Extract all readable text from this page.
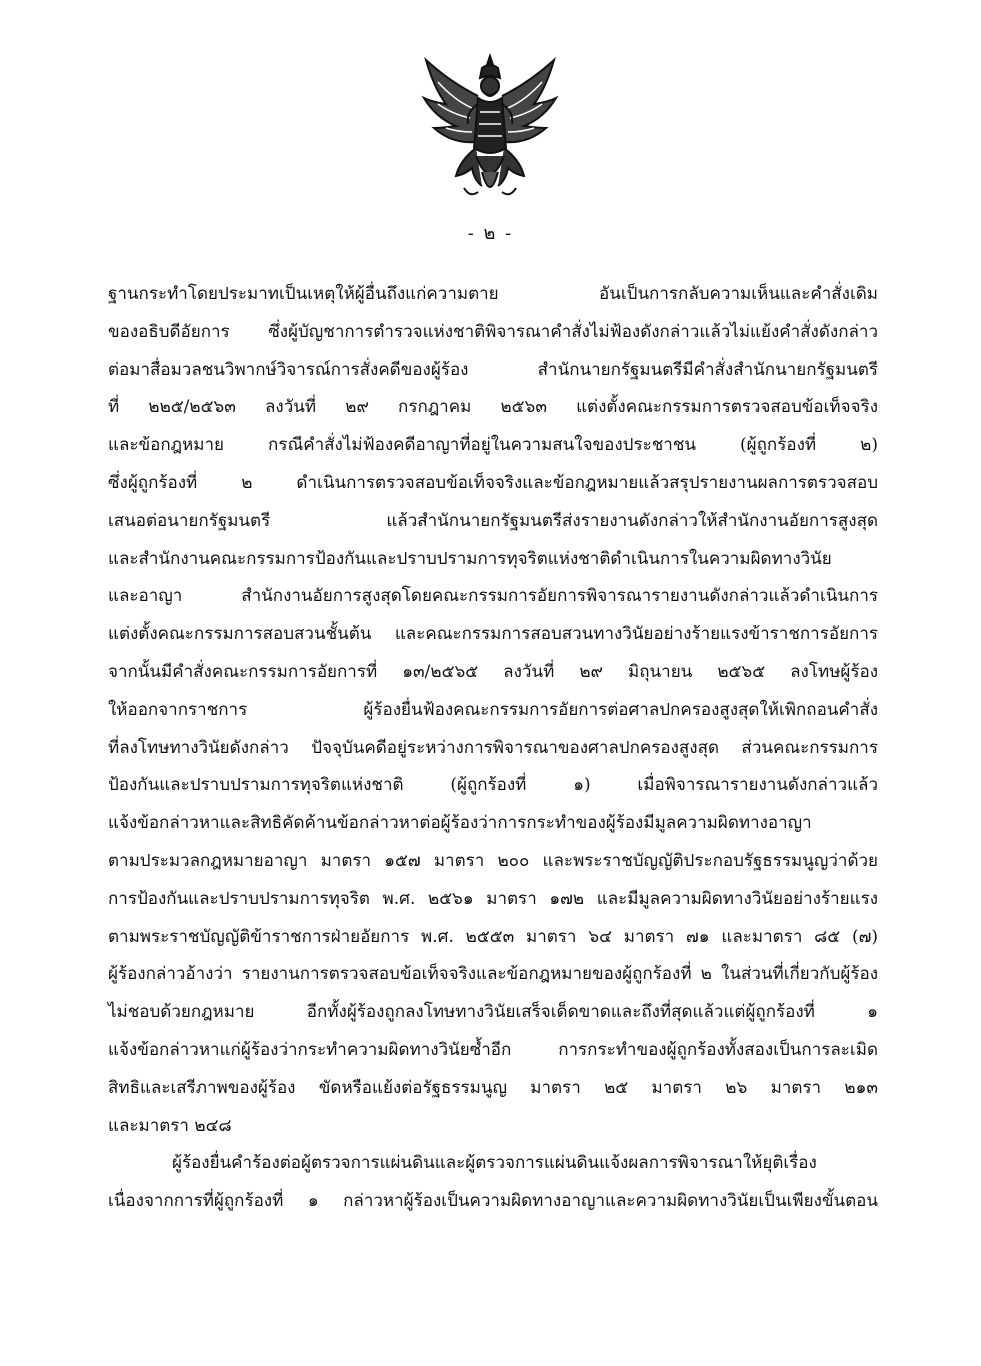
- ๒ -
ฐานกระทำโดยประมาทเป็นเหตุให้ผู้อื่นถึงแก่ความตาย อันเป็นการกลับความเห็นและคำสั่งเดิม
ของอธิบดีอัยการ ซึ่งผู้บัญชาการตำรวจแห่งชาติพิจารณาคำสั่งไม่ฟ้องดังกล่าวแล้วไม่แย้งคำสั่งดังกล่าว
ต่อมาสื่อมวลชนวิพากษ์วิจารณ์การสั่งคดีของผู้ร้อง สำนักนายกรัฐมนตรีมีคำสั่งสำนักนายกรัฐมนตรี
ที่ ๒๒๕/๒๕๖๓ ลงวันที่ ๒๙ กรกฎาคม ๒๕๖๓ แต่งตั้งคณะกรรมการตรวจสอบข้อเท็จจริง
และข้อกฎหมาย กรณีคำสั่งไม่ฟ้องคดีอาญาที่อยู่ในความสนใจของประชาชน (ผู้ถูกร้องที่ ๒)
ซึ่งผู้ถูกร้องที่ ๒ ดำเนินการตรวจสอบข้อเท็จจริงและข้อกฎหมายแล้วสรุปรายงานผลการตรวจสอบ
เสนอต่อนายกรัฐมนตรี แล้วสำนักนายกรัฐมนตรีส่งรายงานดังกล่าวให้สำนักงานอัยการสูงสุด
และสำนักงานคณะกรรมการป้องกันและปราบปรามการทุจริตแห่งชาติดำเนินการในความผิดทางวินัย
และอาญา สำนักงานอัยการสูงสุดโดยคณะกรรมการอัยการพิจารณารายงานดังกล่าวแล้วดำเนินการ
แต่งตั้งคณะกรรมการสอบสวนชั้นต้น และคณะกรรมการสอบสวนทางวินัยอย่างร้ายแรงข้าราชการอัยการ
จากนั้นมีคำสั่งคณะกรรมการอัยการที่ ๑๓/๒๕๖๕ ลงวันที่ ๒๙ มิถุนายน ๒๕๖๕ ลงโทษผู้ร้อง
ให้ออกจากราชการ ผู้ร้องยื่นฟ้องคณะกรรมการอัยการต่อศาลปกครองสูงสุดให้เพิกถอนคำสั่ง
ที่ลงโทษทางวินัยดังกล่าว ปัจจุบันคดีอยู่ระหว่างการพิจารณาของศาลปกครองสูงสุด ส่วนคณะกรรมการ
ป้องกันและปราบปรามการทุจริตแห่งชาติ (ผู้ถูกร้องที่ ๑) เมื่อพิจารณารายงานดังกล่าวแล้ว
แจ้งข้อกล่าวหาและสิทธิคัดค้านข้อกล่าวหาต่อผู้ร้องว่าการกระทำของผู้ร้องมีมูลความผิดทางอาญา
ตามประมวลกฎหมายอาญา มาตรา ๑๕๗ มาตรา ๒๐๐ และพระราชบัญญัติประกอบรัฐธรรมนูญว่าด้วย
การป้องกันและปราบปรามการทุจริต พ.ศ. ๒๕๖๑ มาตรา ๑๗๒ และมีมูลความผิดทางวินัยอย่างร้ายแรง
ตามพระราชบัญญัติข้าราชการฝ่ายอัยการ พ.ศ. ๒๕๕๓ มาตรา ๖๔ มาตรา ๗๑ และมาตรา ๘๕ (๗)
ผู้ร้องกล่าวอ้างว่า รายงานการตรวจสอบข้อเท็จจริงและข้อกฎหมายของผู้ถูกร้องที่ ๒ ในส่วนที่เกี่ยวกับผู้ร้อง
ไม่ชอบด้วยกฎหมาย อีกทั้งผู้ร้องถูกลงโทษทางวินัยเสร็จเด็ดขาดและถึงที่สุดแล้วแต่ผู้ถูกร้องที่ ๑
แจ้งข้อกล่าวหาแก่ผู้ร้องว่ากระทำความผิดทางวินัยซ้ำอีก การกระทำของผู้ถูกร้องทั้งสองเป็นการละเมิด
สิทธิและเสรีภาพของผู้ร้อง ขัดหรือแย้งต่อรัฐธรรมนูญ มาตรา ๒๕ มาตรา ๒๖ มาตรา ๒๑๓
และมาตรา ๒๔๘
ผู้ร้องยื่นคำร้องต่อผู้ตรวจการแผ่นดินและผู้ตรวจการแผ่นดินแจ้งผลการพิจารณาให้ยุติเรื่อง
เนื่องจากการที่ผู้ถูกร้องที่ ๑ กล่าวหาผู้ร้องเป็นความผิดทางอาญาและความผิดทางวินัยเป็นเพียงขั้นตอน
